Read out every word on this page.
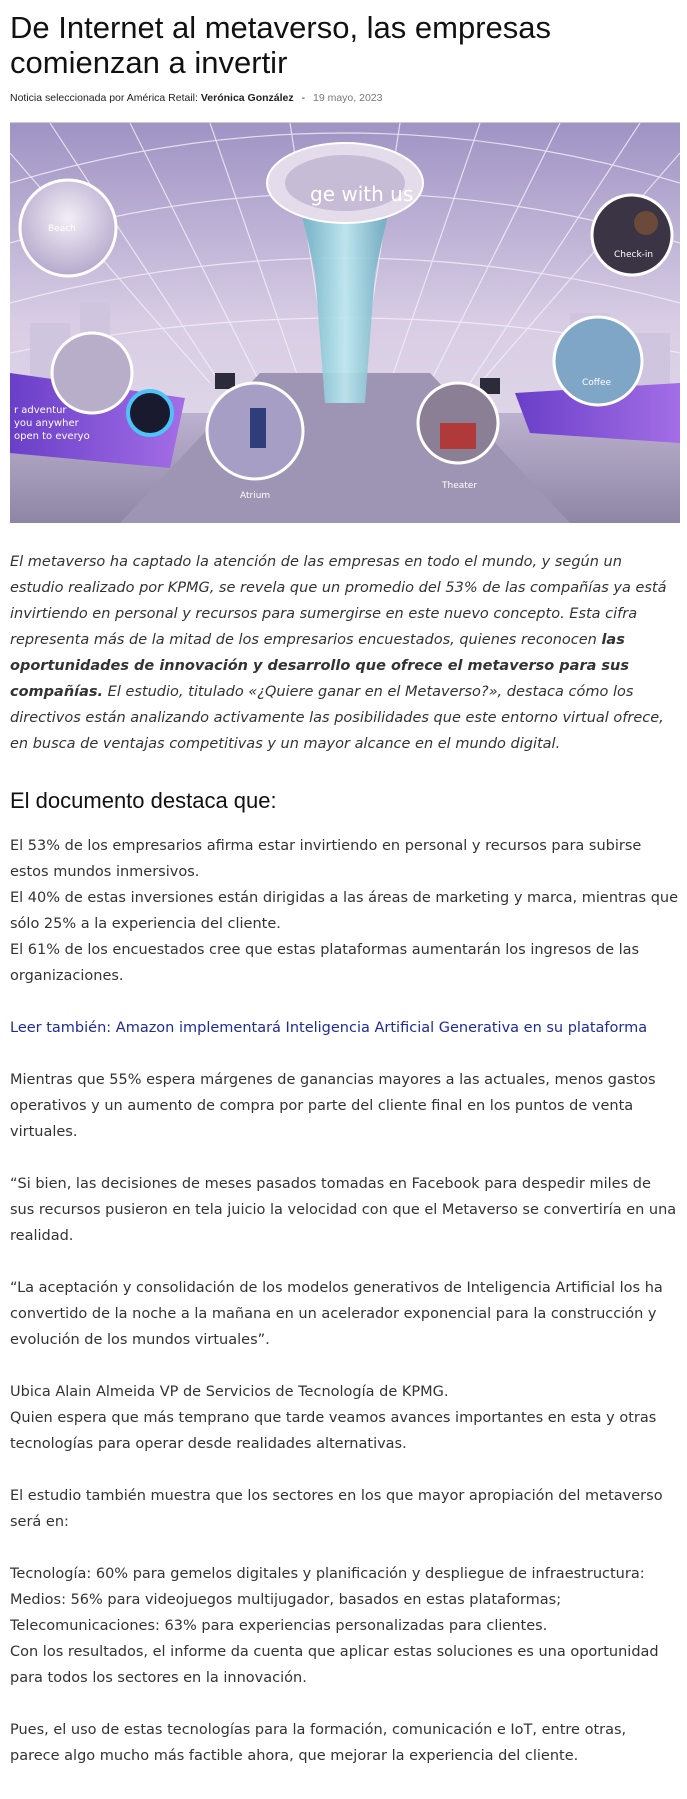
De Internet al metaverso, las empresas comienzan a invertir
Noticia seleccionada por América Retail: Verónica González - 19 mayo, 2023
ge with us
r adventur
you anywher
open to everyo
Beach
Check-in
Coffee
Atrium
Theater

El metaverso ha captado la atención de las empresas en todo el mundo, y según un estudio realizado por KPMG, se revela que un promedio del 53% de las compañías ya está invirtiendo en personal y recursos para sumergirse en este nuevo concepto. Esta cifra representa más de la mitad de los empresarios encuestados, quienes reconocen las oportunidades de innovación y desarrollo que ofrece el metaverso para sus compañías. El estudio, titulado «¿Quiere ganar en el Metaverso?», destaca cómo los directivos están analizando activamente las posibilidades que este entorno virtual ofrece, en busca de ventajas competitivas y un mayor alcance en el mundo digital.

El documento destaca que:

El 53% de los empresarios afirma estar invirtiendo en personal y recursos para subirse estos mundos inmersivos.

El 40% de estas inversiones están dirigidas a las áreas de marketing y marca, mientras que sólo 25% a la experiencia del cliente.

El 61% de los encuestados cree que estas plataformas aumentarán los ingresos de las organizaciones.

Leer también: Amazon implementará Inteligencia Artificial Generativa en su plataforma

Mientras que 55% espera márgenes de ganancias mayores a las actuales, menos gastos operativos y un aumento de compra por parte del cliente final en los puntos de venta virtuales.

“Si bien, las decisiones de meses pasados tomadas en Facebook para despedir miles de sus recursos pusieron en tela juicio la velocidad con que el Metaverso se convertiría en una realidad.

“La aceptación y consolidación de los modelos generativos de Inteligencia Artificial los ha convertido de la noche a la mañana en un acelerador exponencial para la construcción y evolución de los mundos virtuales”.

Ubica Alain Almeida VP de Servicios de Tecnología de KPMG.

Quien espera que más temprano que tarde veamos avances importantes en esta y otras tecnologías para operar desde realidades alternativas.

El estudio también muestra que los sectores en los que mayor apropiación del metaverso será en:

Tecnología: 60% para gemelos digitales y planificación y despliegue de infraestructura:

Medios: 56% para videojuegos multijugador, basados en estas plataformas;

Telecomunicaciones: 63% para experiencias personalizadas para clientes.

Con los resultados, el informe da cuenta que aplicar estas soluciones es una oportunidad para todos los sectores en la innovación.

Pues, el uso de estas tecnologías para la formación, comunicación e IoT, entre otras, parece algo mucho más factible ahora, que mejorar la experiencia del cliente.
